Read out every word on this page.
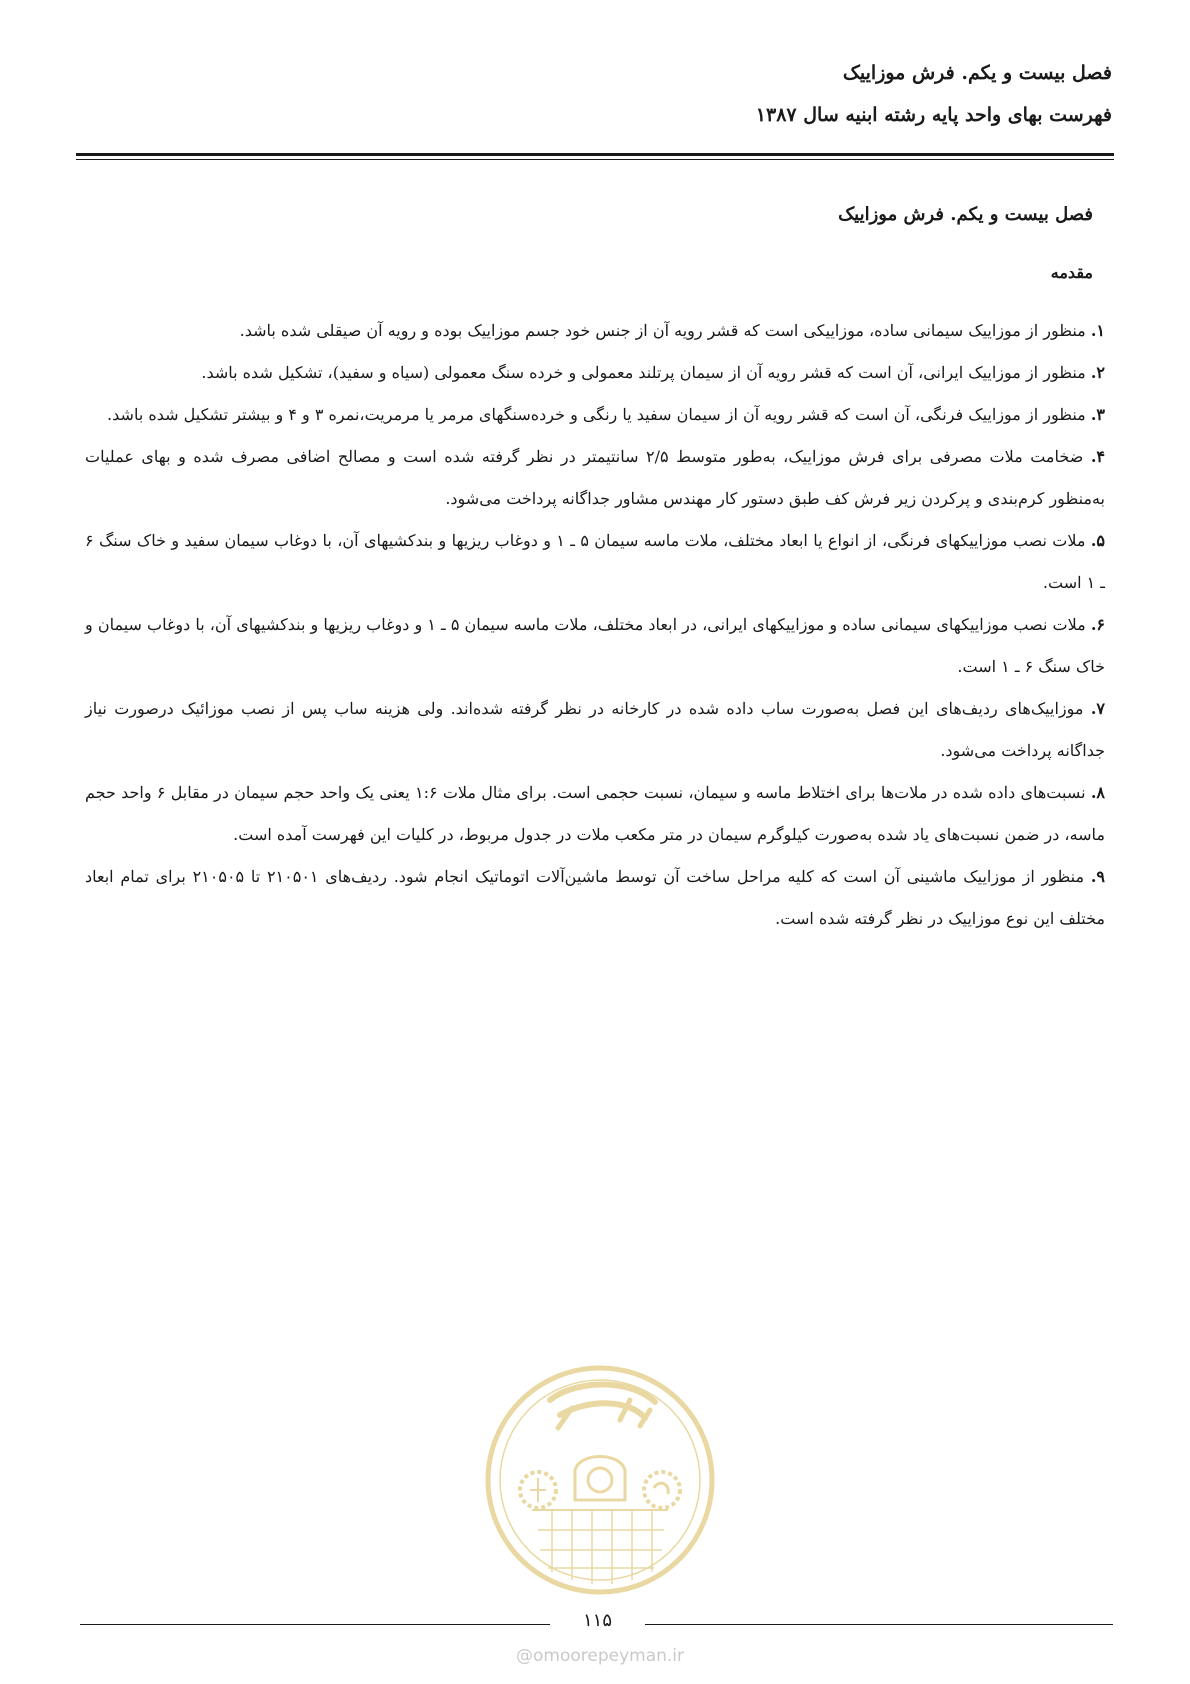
فصل بیست و یکم. فرش موزاییک
فهرست بهای واحد پایه رشته ابنیه سال ۱۳۸۷
فصل بیست و یکم. فرش موزاییک
مقدمه

۱. منظور از موزاییک سیمانی ساده، موزاییکی است که قشر رویه آن از جنس خود جسم موزاییک بوده و رویه آن صیقلی شده باشد.

۲. منظور از موزاییک ایرانی، آن است که قشر رویه آن از سیمان پرتلند معمولی و خرده سنگ معمولی (سیاه و سفید)، تشکیل شده باشد.

۳. منظور از موزاییک فرنگی، آن است که قشر رویه آن از سیمان سفید یا رنگی و خرده‌سنگهای مرمر یا مرمریت،نمره ۳ و ۴ و بیشتر تشکیل شده باشد.

۴. ضخامت ملات مصرفی برای فرش موزاییک، به‌طور متوسط ۲/۵ سانتیمتر در نظر گرفته شده است و مصالح اضافی مصرف شده و بهای عملیات به‌منظور کرم‌بندی و پرکردن زیر فرش کف طبق دستور کار مهندس مشاور جداگانه پرداخت می‌شود.

۵. ملات نصب موزاییکهای فرنگی، از انواع یا ابعاد مختلف، ملات ماسه سیمان ۵ ـ ۱ و دوغاب ریزیها و بندکشیهای آن، با دوغاب سیمان سفید و خاک سنگ ۶ ـ ۱ است.

۶. ملات نصب موزاییکهای سیمانی ساده و موزاییکهای ایرانی، در ابعاد مختلف، ملات ماسه سیمان ۵ ـ ۱ و دوغاب ریزیها و بندکشیهای آن، با دوغاب سیمان و خاک سنگ ۶ ـ ۱ است.

۷. موزاییک‌های ردیف‌های این فصل به‌صورت ساب داده شده در کارخانه در نظر گرفته شده‌اند. ولی هزینه ساب پس از نصب موزائیک درصورت نیاز جداگانه پرداخت می‌شود.

۸. نسبت‌های داده شده در ملات‌ها برای اختلاط ماسه و سیمان، نسبت حجمی است. برای مثال ملات ۱:۶ یعنی یک واحد حجم سیمان در مقابل ۶ واحد حجم ماسه، در ضمن نسبت‌های یاد شده به‌صورت کیلوگرم سیمان در متر مکعب ملات در جدول مربوط، در کلیات این فهرست آمده است.

۹. منظور از موزاییک ماشینی آن است که کلیه مراحل ساخت آن توسط ماشین‌آلات اتوماتیک انجام شود. ردیف‌های ۲۱۰۵۰۱ تا ۲۱۰۵۰۵ برای تمام ابعاد مختلف این نوع موزاییک در نظر گرفته شده است.

۱۱۵
@omoorepeyman.ir
